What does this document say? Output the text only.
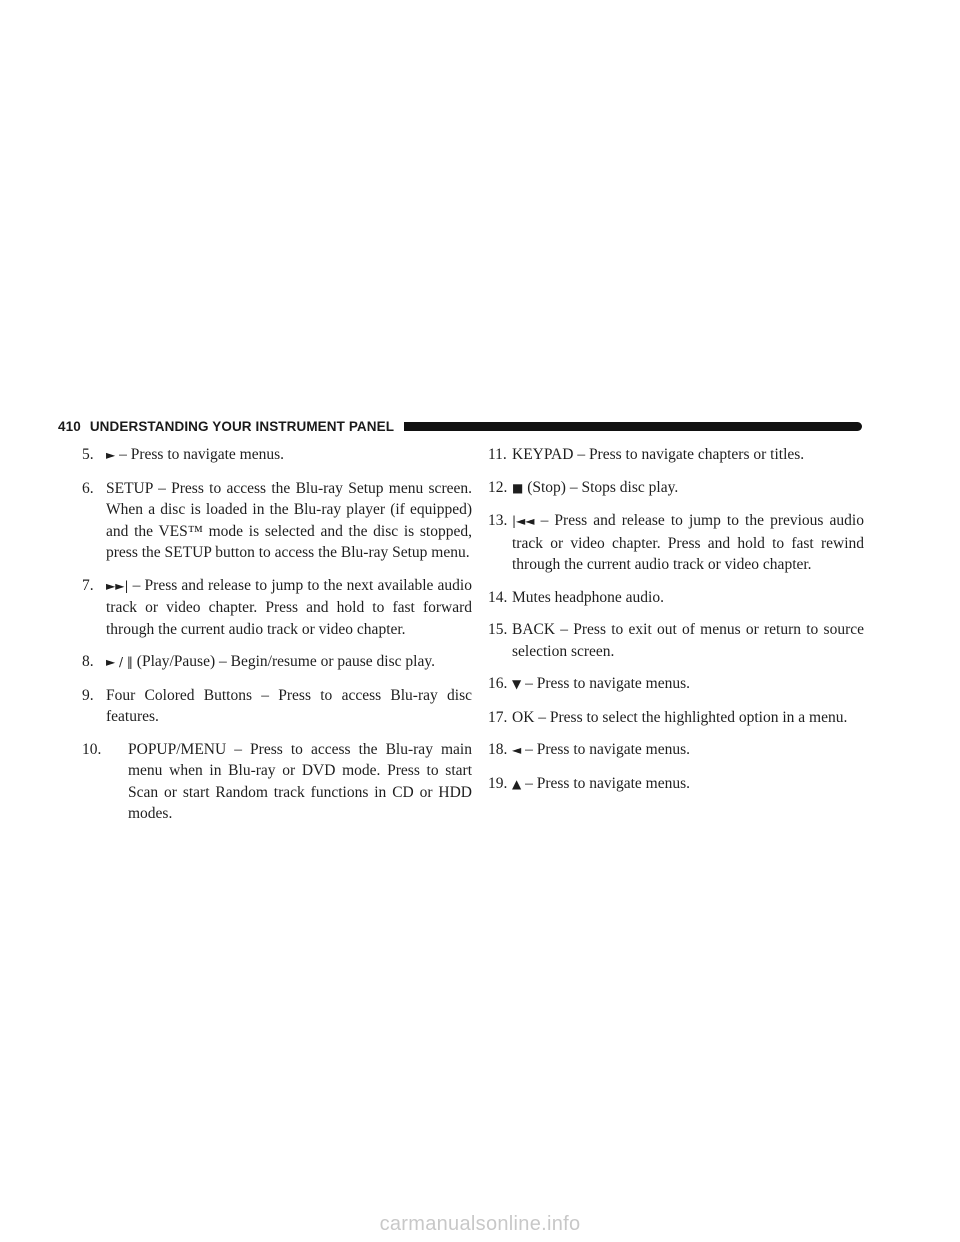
410 UNDERSTANDING YOUR INSTRUMENT PANEL
5. ► – Press to navigate menus.
6. SETUP – Press to access the Blu-ray Setup menu screen. When a disc is loaded in the Blu-ray player (if equipped) and the VES™ mode is selected and the disc is stopped, press the SETUP button to access the Blu-ray Setup menu.
7. ►►| – Press and release to jump to the next available audio track or video chapter. Press and hold to fast forward through the current audio track or video chapter.
8. ► / ‖ (Play/Pause) – Begin/resume or pause disc play.
9. Four Colored Buttons – Press to access Blu-ray disc features.
10. POPUP/MENU – Press to access the Blu-ray main menu when in Blu-ray or DVD mode. Press to start Scan or start Random track functions in CD or HDD modes.
11. KEYPAD – Press to navigate chapters or titles.
12. ■ (Stop) – Stops disc play.
13. |◄◄ – Press and release to jump to the previous audio track or video chapter. Press and hold to fast rewind through the current audio track or video chapter.
14. Mutes headphone audio.
15. BACK – Press to exit out of menus or return to source selection screen.
16. ▼ – Press to navigate menus.
17. OK – Press to select the highlighted option in a menu.
18. ◄ – Press to navigate menus.
19. ▲ – Press to navigate menus.
carmanualsonline.info
